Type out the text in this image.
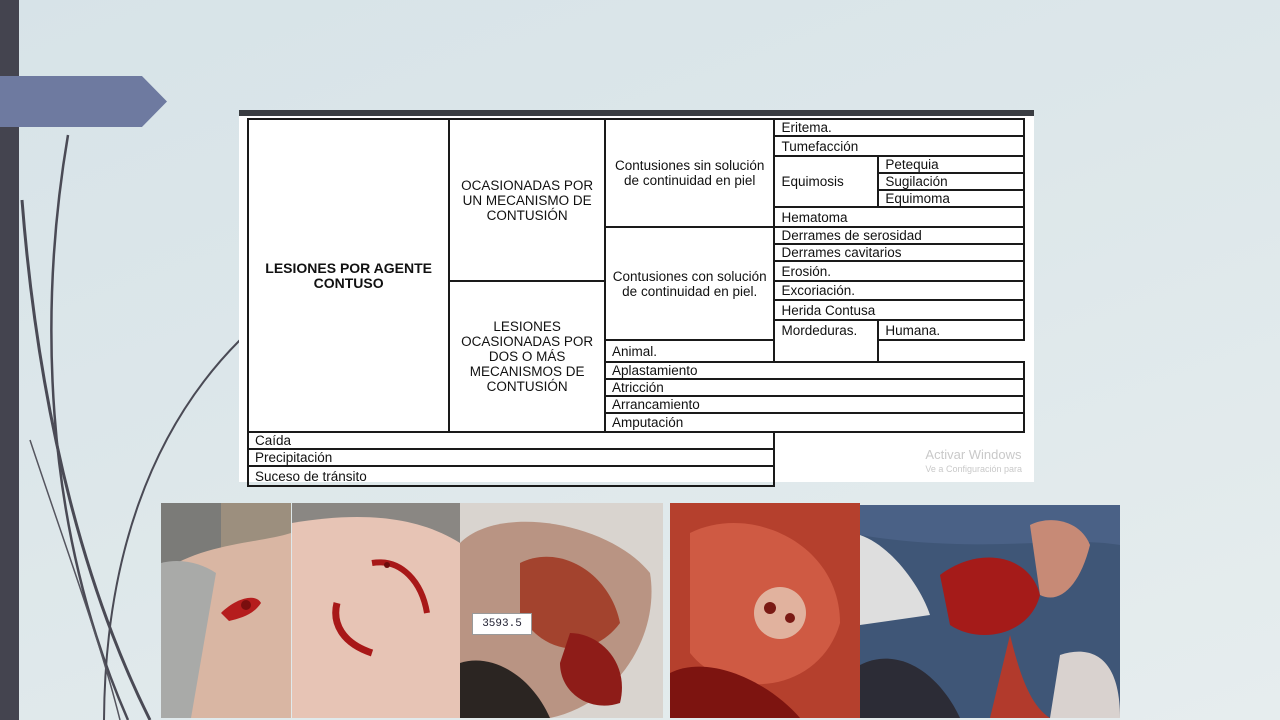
LESIONES POR AGENTE CONTUSO	OCASIONADAS POR UN MECANISMO DE CONTUSIÓN	Contusiones sin solución de continuidad en piel	Eritema.	
			Tumefacción	
			Equimosis	Petequia
				Sugilación
				Equimoma
			Hematoma	
		Contusiones con solución de continuidad en piel.	Derrames de serosidad	
			Derrames cavitarios	
			Erosión.	
	LESIONES OCASIONADAS POR DOS O MÁS MECANISMOS DE CONTUSIÓN		Excoriación.	
			Herida Contusa	
			Mordeduras.	Humana.
		Animal.		
		Aplastamiento		
		Atricción		
		Arrancamiento		
		Amputación		
Caída				
Precipitación				
Suceso de tránsito				
Activar Windows
Ve a Configuración para
3593.5
